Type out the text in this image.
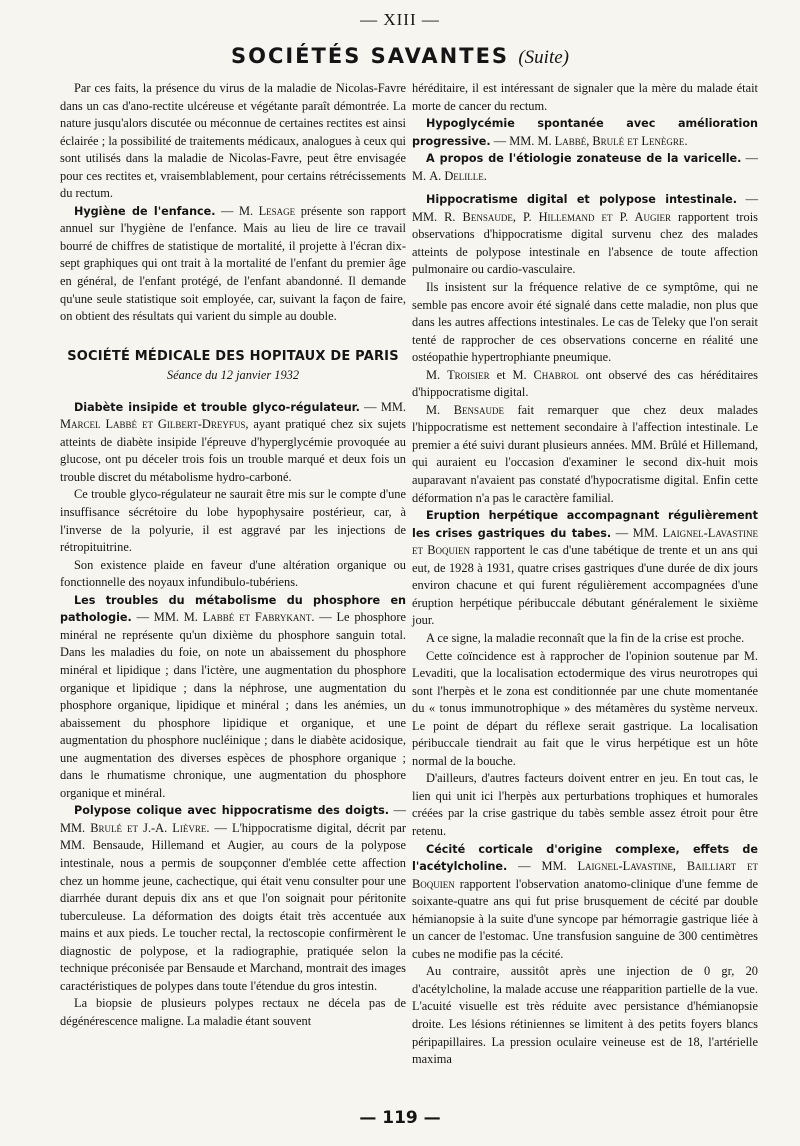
— XIII —
SOCIÉTÉS SAVANTES (Suite)

Par ces faits, la présence du virus de la maladie de Nicolas-Favre dans un cas d'ano-rectite ulcéreuse et végétante paraît démontrée. La nature jusqu'alors discutée ou méconnue de certaines rectites est ainsi éclairée ; la possibilité de traitements médicaux, analogues à ceux qui sont utilisés dans la maladie de Nicolas-Favre, peut être envisagée pour ces rectites et, vraisemblablement, pour certains rétrécissements du rectum.

Hygiène de l'enfance. — M. Lesage présente son rapport annuel sur l'hygiène de l'enfance. Mais au lieu de lire ce travail bourré de chiffres de statistique de mortalité, il projette à l'écran dix-sept graphiques qui ont trait à la mortalité de l'enfant du premier âge en général, de l'enfant protégé, de l'enfant abandonné. Il demande qu'une seule statistique soit employée, car, suivant la façon de faire, on obtient des résultats qui varient du simple au double.

SOCIÉTÉ MÉDICALE DES HOPITAUX DE PARIS
Séance du 12 janvier 1932

Diabète insipide et trouble glyco-régulateur. — MM. Marcel Labbé et Gilbert-Dreyfus, ayant pratiqué chez six sujets atteints de diabète insipide l'épreuve d'hyperglycémie provoquée au glucose, ont pu déceler trois fois un trouble marqué et deux fois un trouble discret du métabolisme hydro-carboné.

Ce trouble glyco-régulateur ne saurait être mis sur le compte d'une insuffisance sécrétoire du lobe hypophysaire postérieur, car, à l'inverse de la polyurie, il est aggravé par les injections de rétropituitrine.

Son existence plaide en faveur d'une altération organique ou fonctionnelle des noyaux infundibulo-tubériens.

Les troubles du métabolisme du phosphore en pathologie. — MM. M. Labbé et Fabrykant. — Le phosphore minéral ne représente qu'un dixième du phosphore sanguin total. Dans les maladies du foie, on note un abaissement du phosphore minéral et lipidique ; dans l'ictère, une augmentation du phosphore organique et lipidique ; dans la néphrose, une augmentation du phosphore organique, lipidique et minéral ; dans les anémies, un abaissement du phosphore lipidique et organique, et une augmentation du phosphore nucléinique ; dans le diabète acidosique, une augmentation des diverses espèces de phosphore organique ; dans le rhumatisme chronique, une augmentation du phosphore organique et minéral.

Polypose colique avec hippocratisme des doigts. — MM. Brulé et J.-A. Lièvre. — L'hippocratisme digital, décrit par MM. Bensaude, Hillemand et Augier, au cours de la polypose intestinale, nous a permis de soupçonner d'emblée cette affection chez un homme jeune, cachectique, qui était venu consulter pour une diarrhée durant depuis dix ans et que l'on soignait pour péritonite tuberculeuse. La déformation des doigts était très accentuée aux mains et aux pieds. Le toucher rectal, la rectoscopie confirmèrent le diagnostic de polypose, et la radiographie, pratiquée selon la technique préconisée par Bensaude et Marchand, montrait des images caractéristiques de polypes dans toute l'étendue du gros intestin.

La biopsie de plusieurs polypes rectaux ne décela pas de dégénérescence maligne. La maladie étant souvent

héréditaire, il est intéressant de signaler que la mère du malade était morte de cancer du rectum.

Hypoglycémie spontanée avec amélioration progressive. — MM. M. Labbé, Brulé et Lenègre.

A propos de l'étiologie zonateuse de la varicelle. — M. A. Delille.

Hippocratisme digital et polypose intestinale. — MM. R. Bensaude, P. Hillemand et P. Augier rapportent trois observations d'hippocratisme digital survenu chez des malades atteints de polypose intestinale en l'absence de toute affection pulmonaire ou cardio-vasculaire.

Ils insistent sur la fréquence relative de ce symptôme, qui ne semble pas encore avoir été signalé dans cette maladie, non plus que dans les autres affections intestinales. Le cas de Teleky que l'on serait tenté de rapprocher de ces observations concerne en réalité une ostéopathie hypertrophiante pneumique.

M. Troisier et M. Chabrol ont observé des cas héréditaires d'hippocratisme digital.

M. Bensaude fait remarquer que chez deux malades l'hippocratisme est nettement secondaire à l'affection intestinale. Le premier a été suivi durant plusieurs années. MM. Brûlé et Hillemand, qui auraient eu l'occasion d'examiner le second dix-huit mois auparavant n'avaient pas constaté d'hypocratisme digital. Enfin cette déformation n'a pas le caractère familial.

Eruption herpétique accompagnant régulièrement les crises gastriques du tabes. — MM. Laignel-Lavastine et Boquien rapportent le cas d'une tabétique de trente et un ans qui eut, de 1928 à 1931, quatre crises gastriques d'une durée de dix jours environ chacune et qui furent régulièrement accompagnées d'une éruption herpétique péribuccale débutant généralement le sixième jour.

A ce signe, la maladie reconnaît que la fin de la crise est proche.

Cette coïncidence est à rapprocher de l'opinion soutenue par M. Levaditi, que la localisation ectodermique des virus neurotropes qui sont l'herpès et le zona est conditionnée par une chute momentanée du « tonus immunotrophique » des métamères du système nerveux. Le point de départ du réflexe serait gastrique. La localisation péribuccale tiendrait au fait que le virus herpétique est un hôte normal de la bouche.

D'ailleurs, d'autres facteurs doivent entrer en jeu. En tout cas, le lien qui unit ici l'herpès aux perturbations trophiques et humorales créées par la crise gastrique du tabès semble assez étroit pour être retenu.

Cécité corticale d'origine complexe, effets de l'acétylcholine. — MM. Laignel-Lavastine, Bailliart et Boquien rapportent l'observation anatomo-clinique d'une femme de soixante-quatre ans qui fut prise brusquement de cécité par double hémianopsie à la suite d'une syncope par hémorragie gastrique liée à un cancer de l'estomac. Une transfusion sanguine de 300 centimètres cubes ne modifie pas la cécité.

Au contraire, aussitôt après une injection de 0 gr, 20 d'acétylcholine, la malade accuse une réapparition partielle de la vue. L'acuité visuelle est très réduite avec persistance d'hémianopsie droite. Les lésions rétiniennes se limitent à des petits foyers blancs péripapillaires. La pression oculaire veineuse est de 18, l'artérielle maxima

— 119 —
